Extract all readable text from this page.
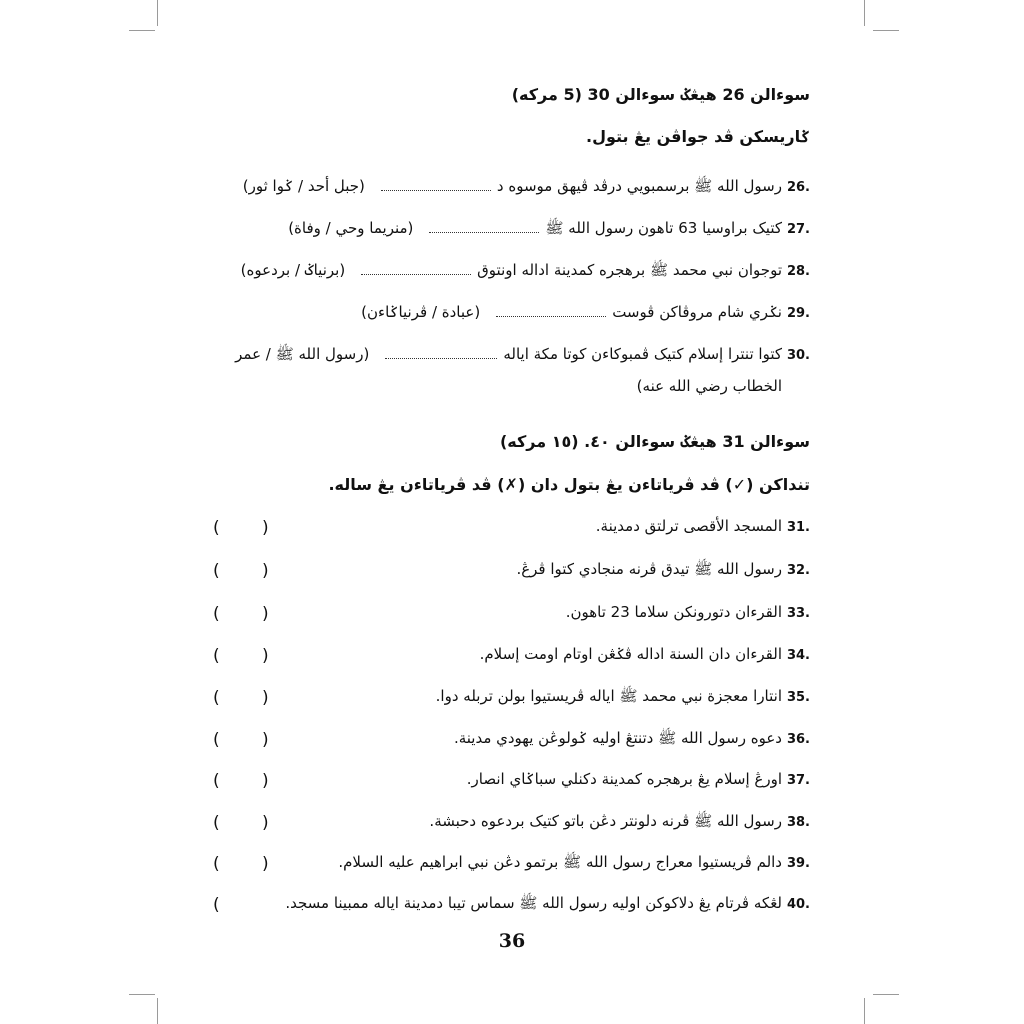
سوءالن 26 هيڠݢ سوءالن 30 (5 مركه)
ݢاريسكن ڤد جواڤن يڠ بتول.
.26
رسول الله ﷺ برسمبويي درڤد ڤيهق موسوه د
(جبل أحد / ݢوا ثور)
.27
كتيک براوسيا 63 تاهون رسول الله ﷺ
(منريما وحي / وفاة)
.28
توجوان نبي محمد ﷺ برهجره كمدينة اداله اونتوق
(برنياݢ / بردعوه)
.29
نݢري شام مروڤاكن ڤوست
(عبادة / ڤرنياݢاءن)
.30
كتوا تنترا إسلام كتيک ڤمبوكاءن كوتا مكة اياله
(رسول الله ﷺ / عمر
الخطاب رضي الله عنه)
سوءالن 31 هيڠݢ سوءالن ٤٠. (١٥ مركه)
تنداكن (✓) ڤد ڤرياتاءن يڠ بتول دان (✗) ڤد ڤرياتاءن يڠ ساله.
.31
المسجد الأقصى ترلتق دمدينة.
.32
رسول الله ﷺ تيدق ڤرنه منجادي كتوا ڤرڠ.
.33
القرءان دتورونكن سلاما 23 تاهون.
.34
القرءان دان السنة اداله ڤݢڠن اوتام اومت إسلام.
.35
انتارا معجزة نبي محمد ﷺ اياله ڤريستيوا بولن تربله دوا.
.36
دعوه رسول الله ﷺ دتنتڠ اوليه ݢولوڠن يهودي مدينة.
.37
اورڠ إسلام يڠ برهجره كمدينة دكنلي سباݢاي انصار.
.38
رسول الله ﷺ ڤرنه دلونتر دڠن باتو كتيک بردعوه دحبشة.
.39
دالم ڤريستيوا معراج رسول الله ﷺ برتمو دڠن نبي ابراهيم عليه السلام.
.40
لڠكه ڤرتام يڠ دلاكوكن اوليه رسول الله ﷺ سماس تيبا دمدينة اياله ممبينا مسجد.
( )
( )
( )
( )
( )
( )
( )
( )
( )
(
36
